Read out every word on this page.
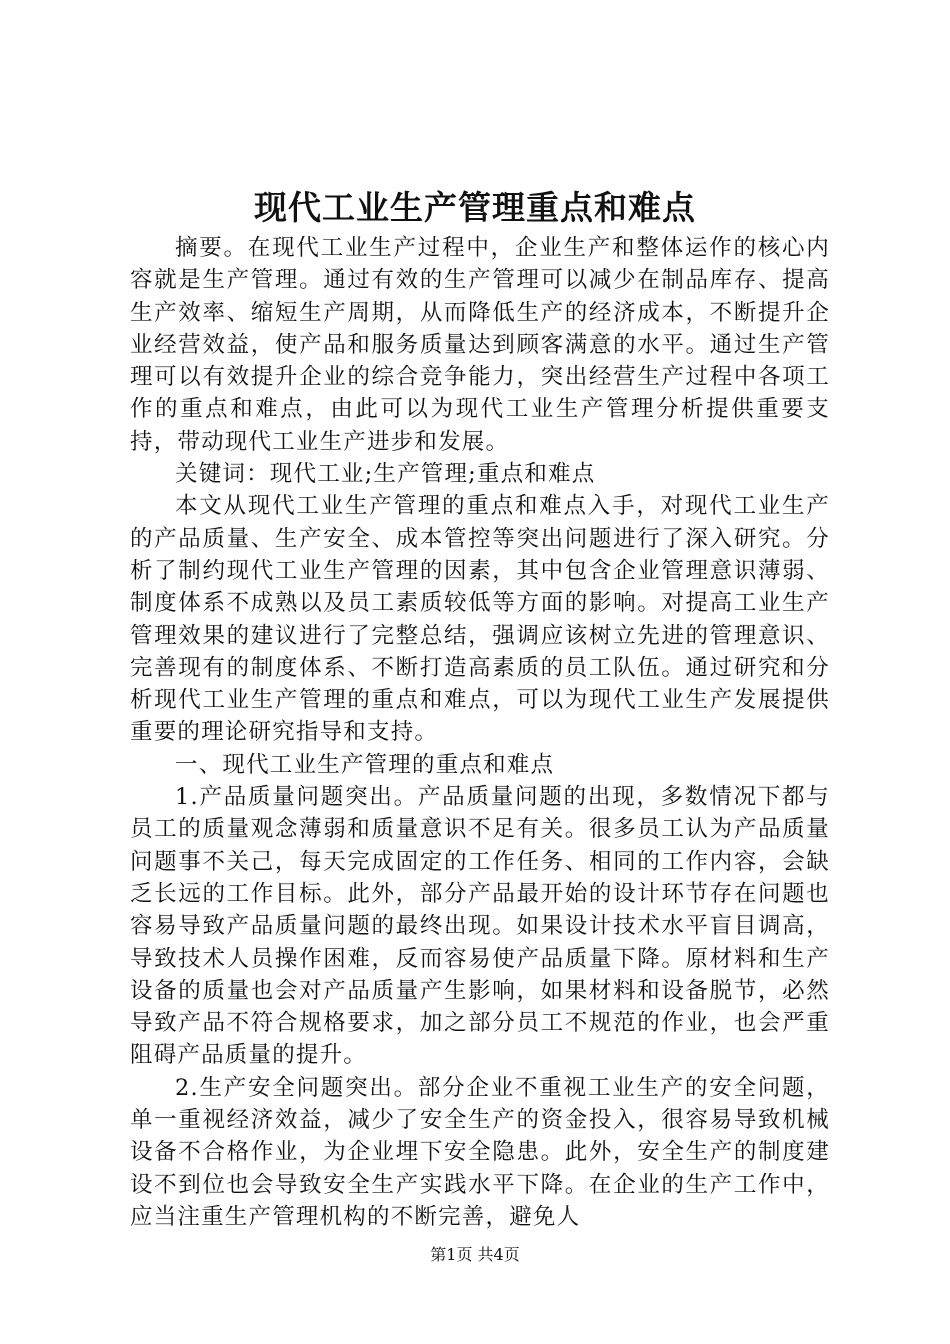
现代工业生产管理重点和难点

摘要。在现代工业生产过程中，企业生产和整体运作的核心内容就是生产管理。通过有效的生产管理可以减少在制品库存、提高生产效率、缩短生产周期，从而降低生产的经济成本，不断提升企业经营效益，使产品和服务质量达到顾客满意的水平。通过生产管理可以有效提升企业的综合竞争能力，突出经营生产过程中各项工作的重点和难点，由此可以为现代工业生产管理分析提供重要支持，带动现代工业生产进步和发展。

关键词：现代工业;生产管理;重点和难点

本文从现代工业生产管理的重点和难点入手，对现代工业生产的产品质量、生产安全、成本管控等突出问题进行了深入研究。分析了制约现代工业生产管理的因素，其中包含企业管理意识薄弱、制度体系不成熟以及员工素质较低等方面的影响。对提高工业生产管理效果的建议进行了完整总结，强调应该树立先进的管理意识、完善现有的制度体系、不断打造高素质的员工队伍。通过研究和分析现代工业生产管理的重点和难点，可以为现代工业生产发展提供重要的理论研究指导和支持。

一、现代工业生产管理的重点和难点

1.产品质量问题突出。产品质量问题的出现，多数情况下都与员工的质量观念薄弱和质量意识不足有关。很多员工认为产品质量问题事不关己，每天完成固定的工作任务、相同的工作内容，会缺乏长远的工作目标。此外，部分产品最开始的设计环节存在问题也容易导致产品质量问题的最终出现。如果设计技术水平盲目调高，导致技术人员操作困难，反而容易使产品质量下降。原材料和生产设备的质量也会对产品质量产生影响，如果材料和设备脱节，必然导致产品不符合规格要求，加之部分员工不规范的作业，也会严重阻碍产品质量的提升。

2.生产安全问题突出。部分企业不重视工业生产的安全问题，单一重视经济效益，减少了安全生产的资金投入，很容易导致机械设备不合格作业，为企业埋下安全隐患。此外，安全生产的制度建设不到位也会导致安全生产实践水平下降。在企业的生产工作中，应当注重生产管理机构的不断完善，避免人

第1页 共4页
